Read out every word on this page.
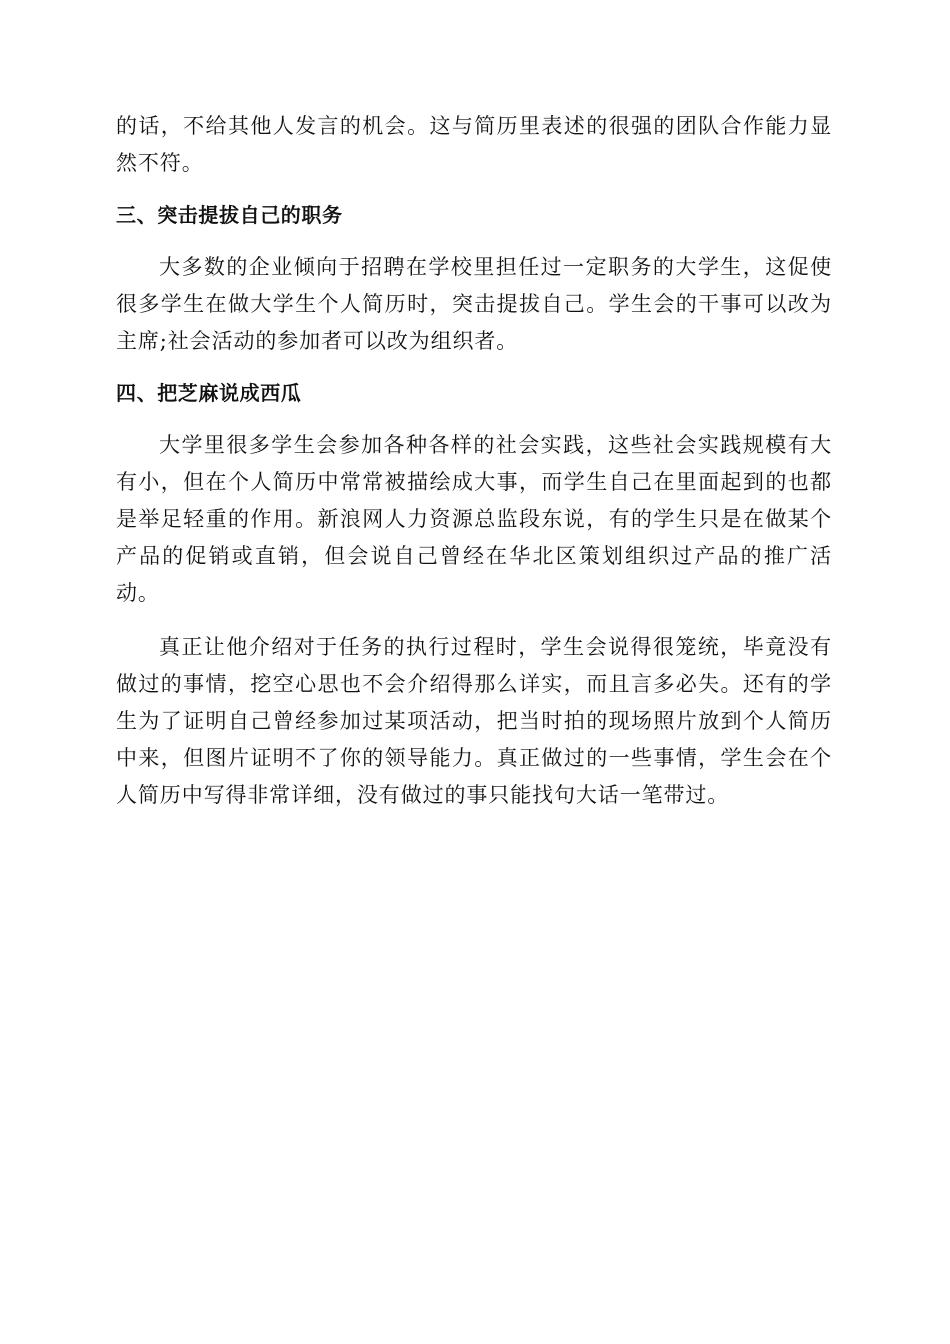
的话，不给其他人发言的机会。这与简历里表述的很强的团队合作能力显然不符。

三、突击提拔自己的职务

大多数的企业倾向于招聘在学校里担任过一定职务的大学生，这促使很多学生在做大学生个人简历时，突击提拔自己。学生会的干事可以改为主席;社会活动的参加者可以改为组织者。

四、把芝麻说成西瓜

大学里很多学生会参加各种各样的社会实践，这些社会实践规模有大有小，但在个人简历中常常被描绘成大事，而学生自己在里面起到的也都是举足轻重的作用。新浪网人力资源总监段东说，有的学生只是在做某个产品的促销或直销，但会说自己曾经在华北区策划组织过产品的推广活动。

真正让他介绍对于任务的执行过程时，学生会说得很笼统，毕竟没有做过的事情，挖空心思也不会介绍得那么详实，而且言多必失。还有的学生为了证明自己曾经参加过某项活动，把当时拍的现场照片放到个人简历中来，但图片证明不了你的领导能力。真正做过的一些事情，学生会在个人简历中写得非常详细，没有做过的事只能找句大话一笔带过。
